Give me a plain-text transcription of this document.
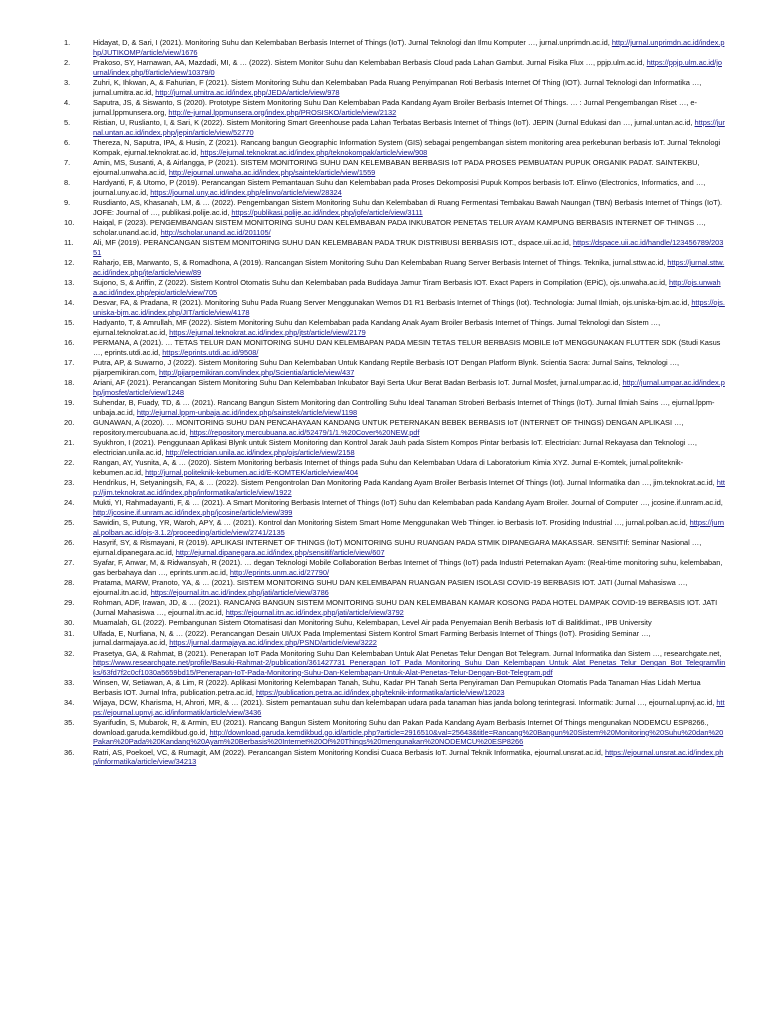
1.	Hidayat, D, & Sari, I (2021). Monitoring Suhu dan Kelembaban Berbasis Internet of Things (IoT). Jurnal Teknologi dan Ilmu Komputer …, jurnal.unprimdn.ac.id, http://jurnal.unprimdn.ac.id/index.php/JUTIKOMP/article/view/1676
2.	Prakoso, SY, Harnawan, AA, Mazdadi, MI, & … (2022). Sistem Monitor Suhu dan Kelembaban Berbasis Cloud pada Lahan Gambut. Jurnal Fisika Flux …, ppjp.ulm.ac.id, https://ppjp.ulm.ac.id/journal/index.php/f/article/view/10379/0
3.	Zuhri, K, Ihkwan, A, & Fahurian, F (2021). Sistem Monitoring Suhu dan Kelembaban Pada Ruang Penyimpanan Roti Berbasis Internet Of Thing (IOT). Jurnal Teknologi dan Informatika …, jurnal.umitra.ac.id, http://jurnal.umitra.ac.id/index.php/JEDA/article/view/978
4.	Saputra, JS, & Siswanto, S (2020). Prototype Sistem Monitoring Suhu Dan Kelembaban Pada Kandang Ayam Broiler Berbasis Internet Of Things. … : Jurnal Pengembangan Riset …, e-jurnal.lppmunsera.org, http://e-jurnal.lppmunsera.org/index.php/PROSISKO/article/view/2132
5.	Ristian, U, Ruslianto, I, & Sari, K (2022). Sistem Monitoring Smart Greenhouse pada Lahan Terbatas Berbasis Internet of Things (IoT). JEPIN (Jurnal Edukasi dan …, jurnal.untan.ac.id, https://jurnal.untan.ac.id/index.php/jepin/article/view/52770
6.	Thereza, N, Saputra, IPA, & Husin, Z (2021). Rancang bangun Geographic Information System (GIS) sebagai pengembangan sistem monitoring area perkebunan berbasis IoT. Jurnal Teknologi Kompak, ejurnal.teknokrat.ac.id, https://ejurnal.teknokrat.ac.id/index.php/teknokompak/article/view/908
7.	Amin, MS, Susanti, A, & Airlangga, P (2021). SISTEM MONITORING SUHU DAN KELEMBABAN BERBASIS IoT PADA PROSES PEMBUATAN PUPUK ORGANIK PADAT. SAINTEKBU, ejournal.unwaha.ac.id, http://ejournal.unwaha.ac.id/index.php/saintek/article/view/1559
8.	Hardyanti, F, & Utomo, P (2019). Perancangan Sistem Pemantauan Suhu dan Kelembaban pada Proses Dekomposisi Pupuk Kompos berbasis IoT. Elinvo (Electronics, Informatics, and …, journal.uny.ac.id, https://journal.uny.ac.id/index.php/elinvo/article/view/28324
9.	Rusdianto, AS, Khasanah, LM, & … (2022). Pengembangan Sistem Monitoring Suhu dan Kelembaban di Ruang Fermentasi Tembakau Bawah Naungan (TBN) Berbasis Internet of Things (IoT). JOFE: Journal of …, publikasi.polije.ac.id, https://publikasi.polije.ac.id/index.php/jofe/article/view/3111
10.	Haiqal, F (2023). PENGEMBANGAN SISTEM MONITORING SUHU DAN KELEMBABAN PADA INKUBATOR PENETAS TELUR AYAM KAMPUNG BERBASIS INTERNET OF THINGS …, scholar.unand.ac.id, http://scholar.unand.ac.id/201105/
11.	Ali, MF (2019). PERANCANGAN SISTEM MONITORING SUHU DAN KELEMBABAN PADA TRUK DISTRIBUSI BERBASIS IOT., dspace.uii.ac.id, https://dspace.uii.ac.id/handle/123456789/20351
12.	Raharjo, EB, Marwanto, S, & Romadhona, A (2019). Rancangan Sistem Monitoring Suhu Dan Kelembaban Ruang Server Berbasis Internet of Things. Teknika, jurnal.sttw.ac.id, https://jurnal.sttw.ac.id/index.php/jte/article/view/89
13.	Sujono, S, & Ariffin, Z (2022). Sistem Kontrol Otomatis Suhu dan Kelembaban pada Budidaya Jamur Tiram Berbasis IOT. Exact Papers in Compilation (EPiC), ojs.unwaha.ac.id, http://ojs.unwaha.ac.id/index.php/epic/article/view/705
14.	Desvar, FA, & Pradana, R (2021). Monitoring Suhu Pada Ruang Server Menggunakan Wemos D1 R1 Berbasis Internet of Things (Iot). Technologia: Jurnal Ilmiah, ojs.uniska-bjm.ac.id, https://ojs.uniska-bjm.ac.id/index.php/JIT/article/view/4178
15.	Hadyanto, T, & Amrullah, MF (2022). Sistem Monitoring Suhu dan Kelembaban pada Kandang Anak Ayam Broiler Berbasis Internet of Things. Jurnal Teknologi dan Sistem …, ejurnal.teknokrat.ac.id, https://ejurnal.teknokrat.ac.id/index.php/jtst/article/view/2179
16.	PERMANA, A (2021). … TETAS TELUR DAN MONITORING SUHU DAN KELEMBAPAN PADA MESIN TETAS TELUR BERBASIS MOBILE IoT MENGGUNAKAN FLUTTER SDK (Studi Kasus …, eprints.utdi.ac.id, https://eprints.utdi.ac.id/9508/
17.	Putra, AP, & Suwarno, J (2022). Sistem Monitoring Suhu Dan Kelembaban Untuk Kandang Reptile Berbasis IOT Dengan Platform Blynk. Scientia Sacra: Jurnal Sains, Teknologi …, pijarpemikiran.com, http://pijarpemikiran.com/index.php/Scientia/article/view/437
18.	Ariani, AF (2021). Perancangan Sistem Monitoring Suhu Dan Kelembaban Inkubator Bayi Serta Ukur Berat Badan Berbasis IoT. Jurnal Mosfet, jurnal.umpar.ac.id, http://jurnal.umpar.ac.id/index.php/jmosfet/article/view/1248
19.	Suhendar, B, Fuady, TD, & … (2021). Rancang Bangun Sistem Monitoring dan Controlling Suhu Ideal Tanaman Stroberi Berbasis Internet of Things (IoT). Jurnal Ilmiah Sains …, ejurnal.lppm-unbaja.ac.id, http://ejurnal.lppm-unbaja.ac.id/index.php/sainstek/article/view/1198
20.	GUNAWAN, A (2020). … MONITORING SUHU DAN PENCAHAYAAN KANDANG UNTUK PETERNAKAN BEBEK BERBASIS IoT (INTERNET OF THINGS) DENGAN APLIKASI …, repository.mercubuana.ac.id, https://repository.mercubuana.ac.id/52479/1/1.%20Cover%20NEW.pdf
21.	Syukhron, I (2021). Penggunaan Aplikasi Blynk untuk Sistem Monitoring dan Kontrol Jarak Jauh pada Sistem Kompos Pintar berbasis IoT. Electrician: Jurnal Rekayasa dan Teknologi …, electrician.unila.ac.id, http://electrician.unila.ac.id/index.php/ojs/article/view/2158
22.	Rangan, AY, Yusnita, A, & … (2020). Sistem Monitoring berbasis Internet of things pada Suhu dan Kelembaban Udara di Laboratorium Kimia XYZ. Jurnal E-Komtek, jurnal.politeknik-kebumen.ac.id, http://jurnal.politeknik-kebumen.ac.id/E-KOMTEK/article/view/404
23.	Hendrikus, H, Setyaningsih, FA, & … (2022). Sistem Pengontrolan Dan Monitoring Pada Kandang Ayam Broiler Berbasis Internet Of Things (Iot). Jurnal Informatika dan …, jim.teknokrat.ac.id, http://jim.teknokrat.ac.id/index.php/informatika/article/view/1922
24.	Mukti, YI, Rahmadayanti, F, & … (2021). A Smart Monitoring Berbasis Internet of Things (IoT) Suhu dan Kelembaban pada Kandang Ayam Broiler. Journal of Computer …, jcosine.if.unram.ac.id, http://jcosine.if.unram.ac.id/index.php/jcosine/article/view/399
25.	Sawidin, S, Putung, YR, Waroh, APY, & … (2021). Kontrol dan Monitoring Sistem Smart Home Menggunakan Web Thinger. io Berbasis IoT. Prosiding Industrial …, jurnal.polban.ac.id, https://jurnal.polban.ac.id/ojs-3.1.2/proceeding/article/view/2741/2135
26.	Hasyrif, SY, & Rismayani, R (2019). APLIKASI INTERNET OF THINGS (IoT) MONITORING SUHU RUANGAN PADA STMIK DIPANEGARA MAKASSAR. SENSITIf: Seminar Nasional …, ejurnal.dipanegara.ac.id, http://ejurnal.dipanegara.ac.id/index.php/sensitif/article/view/607
27.	Syafar, F, Anwar, M, & Ridwansyah, R (2021). … degan Teknologi Mobile Collaboration Berbas Internet of Things (IoT) pada Industri Peternakan Ayam: (Real-time monitoring suhu, kelembaban, gas berbahaya dan …, eprints.unm.ac.id, http://eprints.unm.ac.id/27790/
28.	Pratama, MARW, Pranoto, YA, & … (2021). SISTEM MONITORING SUHU DAN KELEMBAPAN RUANGAN PASIEN ISOLASI COVID-19 BERBASIS IOT. JATI (Jurnal Mahasiswa …, ejournal.itn.ac.id, https://ejournal.itn.ac.id/index.php/jati/article/view/3786
29.	Rohman, ADF, Irawan, JD, & … (2021). RANCANG BANGUN SISTEM MONITORING SUHU DAN KELEMBABAN KAMAR KOSONG PADA HOTEL DAMPAK COVID-19 BERBASIS IOT. JATI (Jurnal Mahasiswa …, ejournal.itn.ac.id, https://ejournal.itn.ac.id/index.php/jati/article/view/3792
30.	Muamalah, GL (2022). Pembangunan Sistem Otomatisasi dan Monitoring Suhu, Kelembapan, Level Air pada Penyemaian Benih Berbasis IoT di Balitklimat., IPB University
31.	Ulfada, E, Nurfiana, N, & … (2022). Perancangan Desain UI/UX Pada Implementasi Sistem Kontrol Smart Farming Berbasis Internet of Things (IoT). Prosiding Seminar …, jurnal.darmajaya.ac.id, https://jurnal.darmajaya.ac.id/index.php/PSND/article/view/3222
32.	Prasetya, GA, & Rahmat, B (2021). Penerapan IoT Pada Monitoring Suhu Dan Kelembaban Untuk Alat Penetas Telur Dengan Bot Telegram. Jurnal Informatika dan Sistem …, researchgate.net, https://www.researchgate.net/profile/Basuki-Rahmat-2/publication/361427731_Penerapan_IoT_Pada_Monitoring_Suhu_Dan_Kelembapan_Untuk_Alat_Penetas_Telur_Dengan_Bot_Telegram/links/63fd7f2c0cf1030a5659bd15/Penerapan-IoT-Pada-Monitoring-Suhu-Dan-Kelembapan-Untuk-Alat-Penetas-Telur-Dengan-Bot-Telegram.pdf
33.	Winsen, W, Setiawan, A, & Lim, R (2022). Aplikasi Monitoring Kelembapan Tanah, Suhu, Kadar PH Tanah Serta Penyiraman Dan Pemupukan Otomatis Pada Tanaman Hias Lidah Mertua Berbasis IOT. Jurnal Infra, publication.petra.ac.id, https://publication.petra.ac.id/index.php/teknik-informatika/article/view/12023
34.	Wijaya, DCW, Kharisma, H, Ahrori, MR, & … (2021). Sistem pemantauan suhu dan kelembapan udara pada tanaman hias janda bolong terintegrasi. Informatik: Jurnal …, ejournal.upnvj.ac.id, https://ejournal.upnvj.ac.id/informatik/article/view/3436
35.	Syarifudin, S, Mubarok, R, & Armin, EU (2021). Rancang Bangun Sistem Monitoring Suhu dan Pakan Pada Kandang Ayam Berbasis Internet Of Things mengunakan NODEMCU ESP8266., download.garuda.kemdikbud.go.id, http://download.garuda.kemdikbud.go.id/article.php?article=2916510&val=25643&title=Rancang%20Bangun%20Sistem%20Monitoring%20Suhu%20dan%20Pakan%20Pada%20Kandang%20Ayam%20Berbasis%20Internet%20Of%20Things%20mengunakan%20NODEMCU%20ESP8266
36.	Ratri, AS, Poekoel, VC, & Rumagit, AM (2022). Perancangan Sistem Monitoring Kondisi Cuaca Berbasis IoT. Jurnal Teknik Informatika, ejournal.unsrat.ac.id, https://ejournal.unsrat.ac.id/index.php/informatika/article/view/34213
